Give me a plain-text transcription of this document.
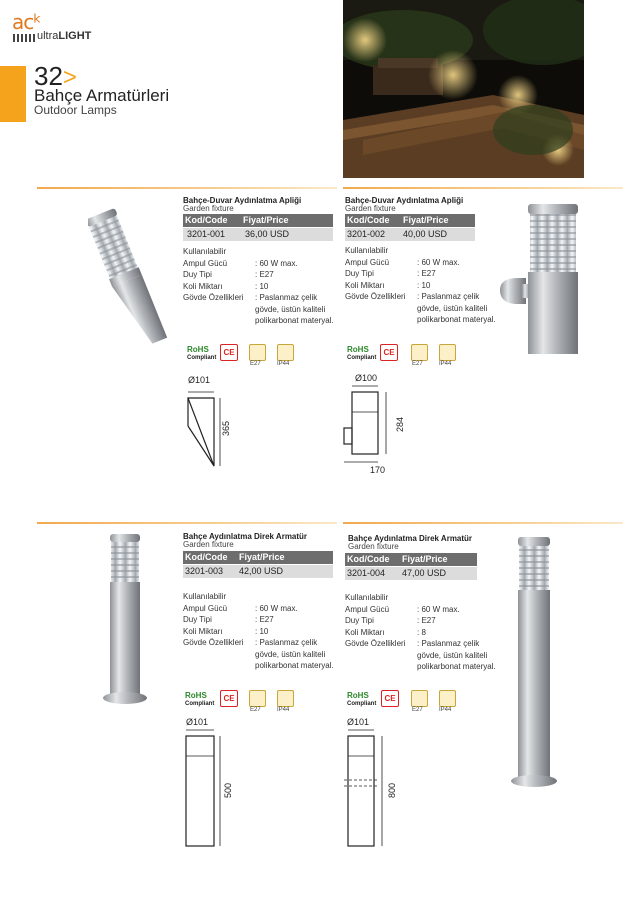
acᵏ
ultraLIGHT
32>
Bahçe Armatürleri
Outdoor Lamps
Bahçe-Duvar Aydınlatma Apliği
Garden fixture
Kod/Code Fiyat/Price
3201-001 36,00 USD
Kullanılabilir
Ampul Gücü	: 60 W max.
Duy Tipi	: E27
Koli Miktarı	: 10
Gövde Özellikleri	: Paslanmaz çelik gövde, üstün kaliteli polikarbonat materyal.
RoHS
Compliant
CE
E27	IP44
Ø101
365
Bahçe-Duvar Aydınlatma Apliği
Garden fixture
Kod/Code Fiyat/Price
3201-002 40,00 USD
Kullanılabilir
Ampul Gücü	: 60 W max.
Duy Tipi	: E27
Koli Miktarı	: 10
Gövde Özellikleri	: Paslanmaz çelik gövde, üstün kaliteli polikarbonat materyal.
RoHS
Compliant
CE
E27	IP44
Ø100
284
170
Bahçe Aydınlatma Direk Armatür
Garden fixture
Kod/Code Fiyat/Price
3201-003 42,00 USD
Kullanılabilir
Ampul Gücü	: 60 W max.
Duy Tipi	: E27
Koli Miktarı	: 10
Gövde Özellikleri	: Paslanmaz çelik gövde, üstün kaliteli polikarbonat materyal.
RoHS
Compliant
CE
E27	IP44
Ø101
500
Bahçe Aydınlatma Direk Armatür
Garden fixture
Kod/Code Fiyat/Price
3201-004 47,00 USD
Kullanılabilir
Ampul Gücü	: 60 W max.
Duy Tipi	: E27
Koli Miktarı	: 8
Gövde Özellikleri	: Paslanmaz çelik gövde, üstün kaliteli polikarbonat materyal.
RoHS
Compliant
CE
E27	IP44
Ø101
800
